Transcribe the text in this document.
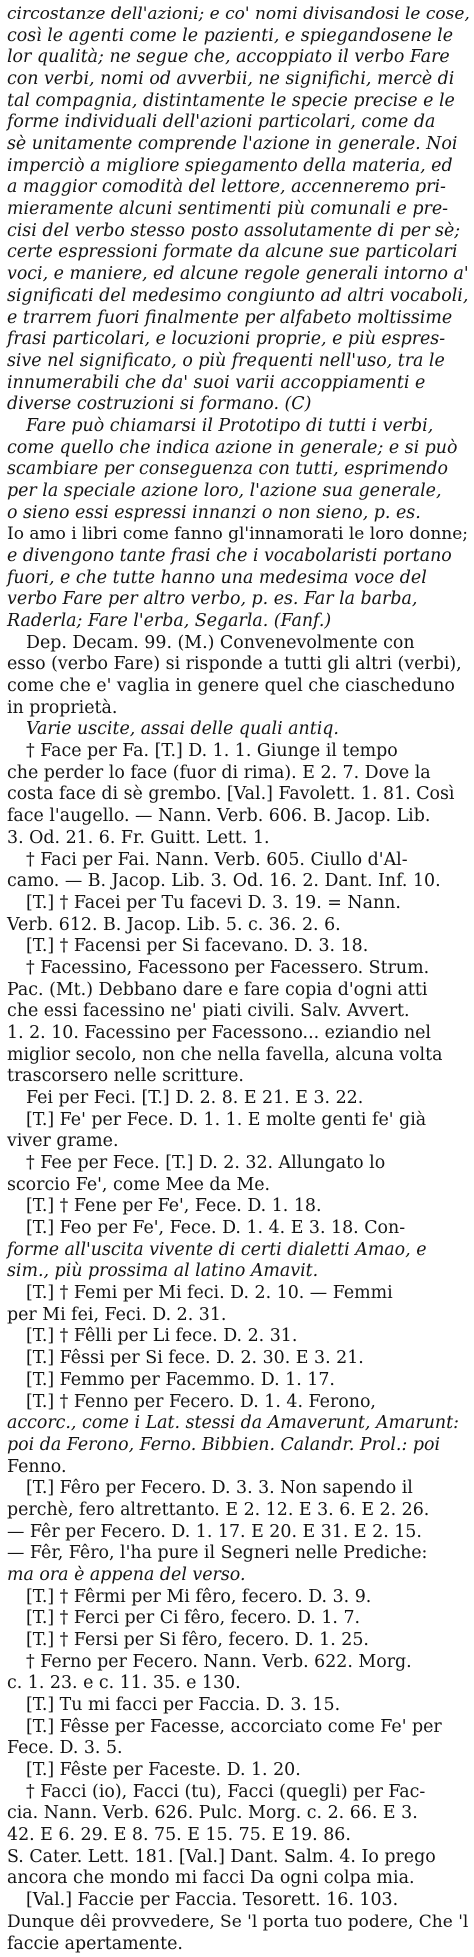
circostanze dell'azioni; e co' nomi divisandosi le cose,
così le agenti come le pazienti, e spiegandosene le
lor qualità; ne segue che, accoppiato il verbo Fare
con verbi, nomi od avverbii, ne significhi, mercè di
tal compagnia, distintamente le specie precise e le
forme individuali dell'azioni particolari, come da
sè unitamente comprende l'azione in generale. Noi
imperciò a migliore spiegamento della materia, ed
a maggior comodità del lettore, accenneremo pri-
mieramente alcuni sentimenti più comunali e pre-
cisi del verbo stesso posto assolutamente di per sè;
certe espressioni formate da alcune sue particolari
voci, e maniere, ed alcune regole generali intorno a'
significati del medesimo congiunto ad altri vocaboli,
e trarrem fuori finalmente per alfabeto moltissime
frasi particolari, e locuzioni proprie, e più espres-
sive nel significato, o più frequenti nell'uso, tra le
innumerabili che da' suoi varii accoppiamenti e
diverse costruzioni si formano. (C)
Fare può chiamarsi il Prototipo di tutti i verbi,
come quello che indica azione in generale; e si può
scambiare per conseguenza con tutti, esprimendo
per la speciale azione loro, l'azione sua generale,
o sieno essi espressi innanzi o non sieno, p. es.
Io amo i libri come fanno gl'innamorati le loro donne;
e divengono tante frasi che i vocabolaristi portano
fuori, e che tutte hanno una medesima voce del
verbo Fare per altro verbo, p. es. Far la barba,
Raderla; Fare l'erba, Segarla. (Fanf.)
Dep. Decam. 99. (M.) Convenevolmente con
esso (verbo Fare) si risponde a tutti gli altri (verbi),
come che e' vaglia in genere quel che ciascheduno
in proprietà.
Varie uscite, assai delle quali antiq.
† Face per Fa. [T.] D. 1. 1. Giunge il tempo
che perder lo face (fuor di rima). E 2. 7. Dove la
costa face di sè grembo. [Val.] Favolett. 1. 81. Così
face l'augello. — Nann. Verb. 606. B. Jacop. Lib.
3. Od. 21. 6. Fr. Guitt. Lett. 1.
† Faci per Fai. Nann. Verb. 605. Ciullo d'Al-
camo. — B. Jacop. Lib. 3. Od. 16. 2. Dant. Inf. 10.
[T.] † Facei per Tu facevi D. 3. 19. = Nann.
Verb. 612. B. Jacop. Lib. 5. c. 36. 2. 6.
[T.] † Facensi per Si facevano. D. 3. 18.
† Facessino, Facessono per Facessero. Strum.
Pac. (Mt.) Debbano dare e fare copia d'ogni atti
che essi facessino ne' piati civili. Salv. Avvert.
1. 2. 10. Facessino per Facessono... eziandio nel
miglior secolo, non che nella favella, alcuna volta
trascorsero nelle scritture.
Fei per Feci. [T.] D. 2. 8. E 21. E 3. 22.
[T.] Fe' per Fece. D. 1. 1. E molte genti fe' già
viver grame.
† Fee per Fece. [T.] D. 2. 32. Allungato lo
scorcio Fe', come Mee da Me.
[T.] † Fene per Fe', Fece. D. 1. 18.
[T.] Feo per Fe', Fece. D. 1. 4. E 3. 18. Con-
forme all'uscita vivente di certi dialetti Amao, e
sim., più prossima al latino Amavit.
[T.] † Femi per Mi feci. D. 2. 10. — Femmi
per Mi fei, Feci. D. 2. 31.
[T.] † Fêlli per Li fece. D. 2. 31.
[T.] Fêssi per Si fece. D. 2. 30. E 3. 21.
[T.] Femmo per Facemmo. D. 1. 17.
[T.] † Fenno per Fecero. D. 1. 4. Ferono,
accorc., come i Lat. stessi da Amaverunt, Amarunt:
poi da Ferono, Ferno. Bibbien. Calandr. Prol.: poi
Fenno.
[T.] Fêro per Fecero. D. 3. 3. Non sapendo il
perchè, fero altrettanto. E 2. 12. E 3. 6. E 2. 26.
— Fêr per Fecero. D. 1. 17. E 20. E 31. E 2. 15.
— Fêr, Fêro, l'ha pure il Segneri nelle Prediche:
ma ora è appena del verso.
[T.] † Fêrmi per Mi fêro, fecero. D. 3. 9.
[T.] † Ferci per Ci fêro, fecero. D. 1. 7.
[T.] † Fersi per Si fêro, fecero. D. 1. 25.
† Ferno per Fecero. Nann. Verb. 622. Morg.
c. 1. 23. e c. 11. 35. e 130.
[T.] Tu mi facci per Faccia. D. 3. 15.
[T.] Fêsse per Facesse, accorciato come Fe' per
Fece. D. 3. 5.
[T.] Fêste per Faceste. D. 1. 20.
† Facci (io), Facci (tu), Facci (quegli) per Fac-
cia. Nann. Verb. 626. Pulc. Morg. c. 2. 66. E 3.
42. E 6. 29. E 8. 75. E 15. 75. E 19. 86.
S. Cater. Lett. 181. [Val.] Dant. Salm. 4. Io prego
ancora che mondo mi facci Da ogni colpa mia.
[Val.] Faccie per Faccia. Tesorett. 16. 103.
Dunque dêi provvedere, Se 'l porta tuo podere, Che 'l
faccie apertamente.
